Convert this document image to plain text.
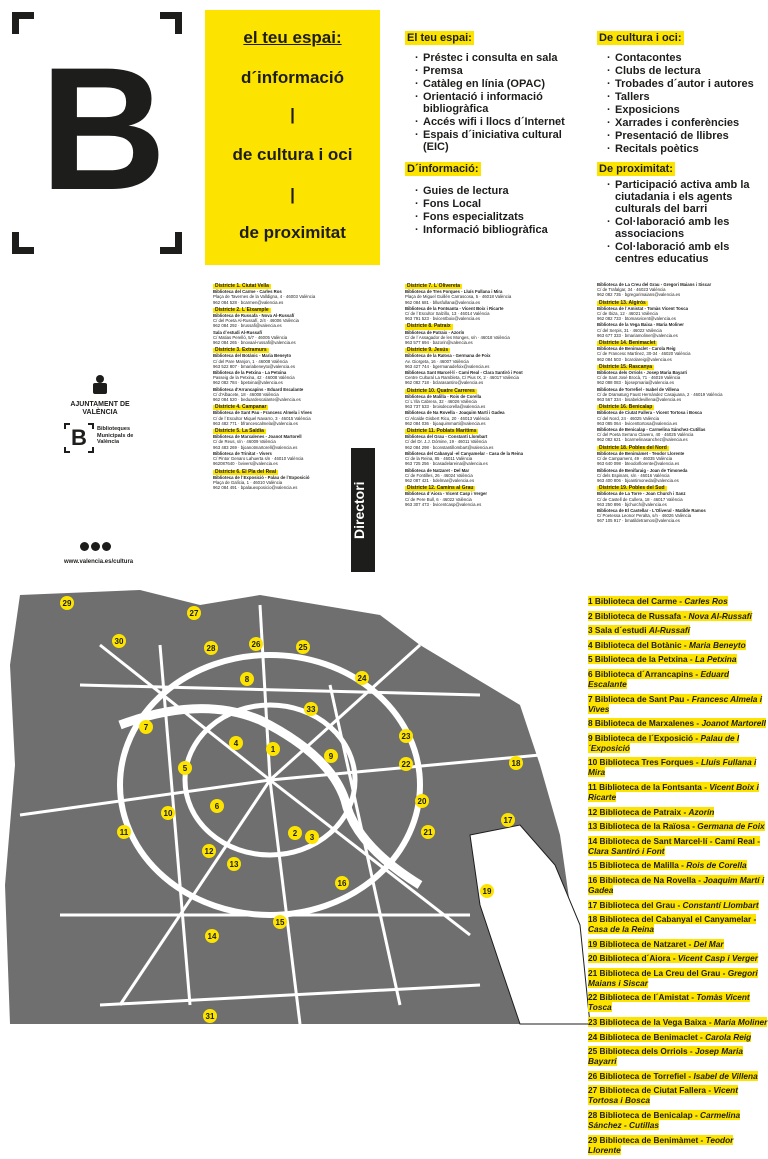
B	el teu espai:
d´informació
|
de cultura i oci
|
de proximitat
El teu espai:
· Préstec i consulta en sala
· Premsa
· Catàleg en línia (OPAC)
· Orientació i informació bibliogràfica
· Accés wifi i llocs d´Internet
· Espais d´iniciativa cultural (EIC)
D´informació:
· Guies de lectura
· Fons Local
· Fons especialitzats
· Informació bibliogràfica
De cultura i oci:
· Contacontes
· Clubs de lectura
· Trobades d´autor i autores
· Tallers
· Exposicions
· Xarrades i conferències
· Presentació de llibres
· Recitals poètics
De proximitat:
· Participació activa amb la ciutadania i els agents culturals del barri
· Col·laboració amb les associacions
· Col·laboració amb els centres educatius
AJUNTAMENT DE VALÈNCIA
B Biblioteques Municipals de València
www.valencia.es/cultura
Districte 1. Ciutat Vella

Biblioteca del Carme - Carles Ros
Plaça de Tavernes de la Valldigna, 4 · 46003 València
962 084 528 · bcarmen@valencia.es
Districte 2. L´Eixample

Biblioteca de Russafa - Nova Al-Russafí
C/ del Poeta Al-Russafí, 2/4 · 46006 València
962 084 292 · brussafi@valencia.es
Sala d´estudi Al-Russafí
C/ Matias Perelló, 5/7 · 46005 València
962 084 265 · bnovaal-russafi@valencia.es
Districte 3. Extramurs

Biblioteca del Botànic - Maria Beneyto
C/ del Pare Manjon, 1 · 46008 València
963 522 807 · bmariabeneyto@valencia.es
Biblioteca de la Petxina - La Petxina
Passeig de la Petxina, 42 · 46008 València
962 082 784 · bpetxina@valencia.es
Biblioteca d'Arrancapins - Eduard Escalante
C/ d'Albacete, 18 · 46008 València
962 084 520 · beduardescalante@valencia.es
Districte 4. Campanar

Biblioteca de Sant Pau - Francesc Almela i Vives
C/ de l´Escultor Miquel Navarro, 3 · 46015 València
963 482 771 · bfrancescalmela@valencia.es
Districte 5. La Saïdia

Biblioteca de Marxalenes - Joanot Martorell
C/ de Reus, s/n · 46009 València
963 483 269 · bjoanotmartorell@valencia.es
Biblioteca de Trinitat - Vivers
C/ Pintor Genaro Lahuerta s/n · 46010 València
962087640 · bvivers@valencia.es
Districte 6. El Pla del Real

Biblioteca de l´Exposició - Palau de l´Exposició
Plaça de Galícia, 1 · 46010 València
962 084 491 · bpalauexposicio@valencia.es	Directori
Districte 7. L´Olivereta

Biblioteca de Tres Forques - Lluís Fullana i Mira
Plaça de Miguel Guillén Carrascosa, 5 · 46018 València
962 084 681 · bllusfullana@valencia.es
Biblioteca de la Fontsanta - Vicent Boix i Ricarte
C/ de l´Escultor Salzillo, 13 · 46014 València
963 791 523 · bvicentboix@valencia.es
Districte 8. Patraix

Biblioteca de Patraix - Azorín
C/ de l´Assagador de les Monges, s/n · 46018 València
963 577 694 · bazorin@valencia.es
Districte 9. Jesús

Biblioteca de la Raïosa - Germana de Foix
Av. Giorgeta, 16 · 46007 València
963 427 744 · bgermanadefoix@valencia.es
Biblioteca Sant Marcel·lí - Camí Real - Clara Santiró i Font
Centre Cultural La Rambleta, C/ Pius IX, 2 · 46017 València
962 082 718 · bclarasantiro@valencia.es
Districte 10. Quatre Carreres

Biblioteca de Malilla - Rois de Corella
C/ L´Illa Cabrera, 32 · 46026 València
963 737 533 · broisdecorella@valencia.es
Biblioteca de Na Rovella - Joaquim Martí i Gadea
C/ Alcalde Gisbert Rico, 20 · 46013 València
962 084 036 · bjoaquimmarti@valencia.es
Districte 11. Poblats Marítims

Biblioteca del Grau - Constantí Llombart
C/ del Dr. J.J. Dómine, 19 · 46011 València
962 084 298 · bconstantillombart@valencia.es
Biblioteca del Cabanyal -el Canyamelar - Casa de la Reina
C/ de la Reina, 85 · 46011 València
963 725 256 · bcasadelareina@valencia.es
Biblioteca de Natzaret - Del Mar
C/ de Fontilles, 26 · 46024 València
962 087 421 · bdelmar@valencia.es
Districte 12. Camins al Grau

Biblioteca d´Aiora - Vicent Casp i Verger
C/ de Pere Bull, 6 · 46022 València
963 307 473 · bvicentcasp@valencia.es
Biblioteca de La Creu del Grau - Gregori Maians i Siscar
C/ de Trafalgar, 34 · 46023 València
962 082 735 · bgregorimaians@valencia.es
Districte 13. Algirós

Biblioteca de l´Amistat - Tomàs Vicent Tosca
C/ de Ibiza, 12 · 46021 València
962 082 733 · btomasvicent@valencia.es
Biblioteca de la Vega Baixa - Maria Moliner
C/ del Serpis, 31 · 46022 València
963 677 333 · bmariamoliner@valencia.es
Districte 14. Benimaclet

Biblioteca de Benimaclet - Carola Reig
C/ de Francesc Martínez, 30-34 · 46020 València
962 084 503 · bcarolareig@valencia.es
Districte 15. Rascanya

Biblioteca dels Orriols - Josep Maria Bayarri
C/ de Sant José Brocà, 71 · 46019 València
962 088 083 · bjosepmaria@valencia.es
Biblioteca de Torrefiel - Isabel de Villena
C/ de Dramaturg Faust Hernández Casajuana, 2 · 46019 València
963 567 334 · bisabeldevillena@valencia.es
Districte 16. Benicalap

Biblioteca de Ciutat Fallera - Vicent Tortosa i Bosca
C/ del Nord, 24 · 46025 València
963 085 064 · bvicenttortosa@valencia.es
Biblioteca de Benicalap - Carmelina Sánchez-Cutillas
C/ del Poeta Serrano Clavero, 40 · 46025 València
962 082 621 · bcarmelinasanchez@valencia.es
Districte 18. Pobles del Nord

Biblioteca de Benimàmet - Teodor Llorente
C/ de Campament, 49 · 46035 València
963 640 098 · bteodorllorente@valencia.es
Biblioteca de Benifaraig - Joan de Timoneda
C/ dels Espinars, s/n · 46016 València
963 400 806 · bjoantimoneda@valencia.es
Districte 19. Pobles del Sud

Biblioteca de La Torre - Joan Church i Sanz
C/ de Castell de Cullera, 18 · 46017 València
963 250 896 · bjchurch@valencia.es
Biblioteca de El Castellar - L'Oliveral - Matilde Ramos
C/ Poetessa Leonor Peralta, s/n · 46026 València
967 105 917 · bmatildetramos@valencia.es
1
2 3
4
5
6
7
8
9
10
11
12
13
14
15
16
17
18
19
20
21
22
23
24
25
26
27
28
29
30
31
33
1 Biblioteca del Carme - Carles Ros
2 Biblioteca de Russafa - Nova Al-Russafí
3 Sala d´estudi Al-Russafí
4 Biblioteca del Botànic - Maria Beneyto
5 Biblioteca de la Petxina - La Petxina
6 Biblioteca d´Arrancapins - Eduard Escalante
7 Biblioteca de Sant Pau - Francesc Almela i Vives
8 Biblioteca de Marxalenes - Joanot Martorell
9 Biblioteca de l´Exposició - Palau de l´Exposició
10 Biblioteca Tres Forques - Lluís Fullana i Mira
11 Biblioteca de la Fontsanta - Vicent Boix i Ricarte
12 Biblioteca de Patraix - Azorín
13 Biblioteca de la Raïosa - Germana de Foix
14 Biblioteca de Sant Marcel·lí - Camí Real - Clara Santiró i Font
15 Biblioteca de Malilla - Rois de Corella
16 Biblioteca de Na Rovella - Joaquim Martí i Gadea
17 Biblioteca del Grau - Constantí Llombart
18 Biblioteca del Cabanyal el Canyamelar - Casa de la Reina
19 Biblioteca de Natzaret - Del Mar
20 Biblioteca d´Aiora - Vicent Casp i Verger
21 Biblioteca de La Creu del Grau - Gregori Maians i Siscar
22 Biblioteca de l´Amistat - Tomàs Vicent Tosca
23 Biblioteca de la Vega Baixa - Maria Moliner
24 Biblioteca de Benimaclet - Carola Reig
25 Biblioteca dels Orriols - Josep Maria Bayarri
26 Biblioteca de Torrefiel - Isabel de Villena
27 Biblioteca de Ciutat Fallera - Vicent Tortosa i Bosca
28 Biblioteca de Benicalap - Carmelina Sánchez - Cutillas
29 Biblioteca de Benimàmet - Teodor Llorente
